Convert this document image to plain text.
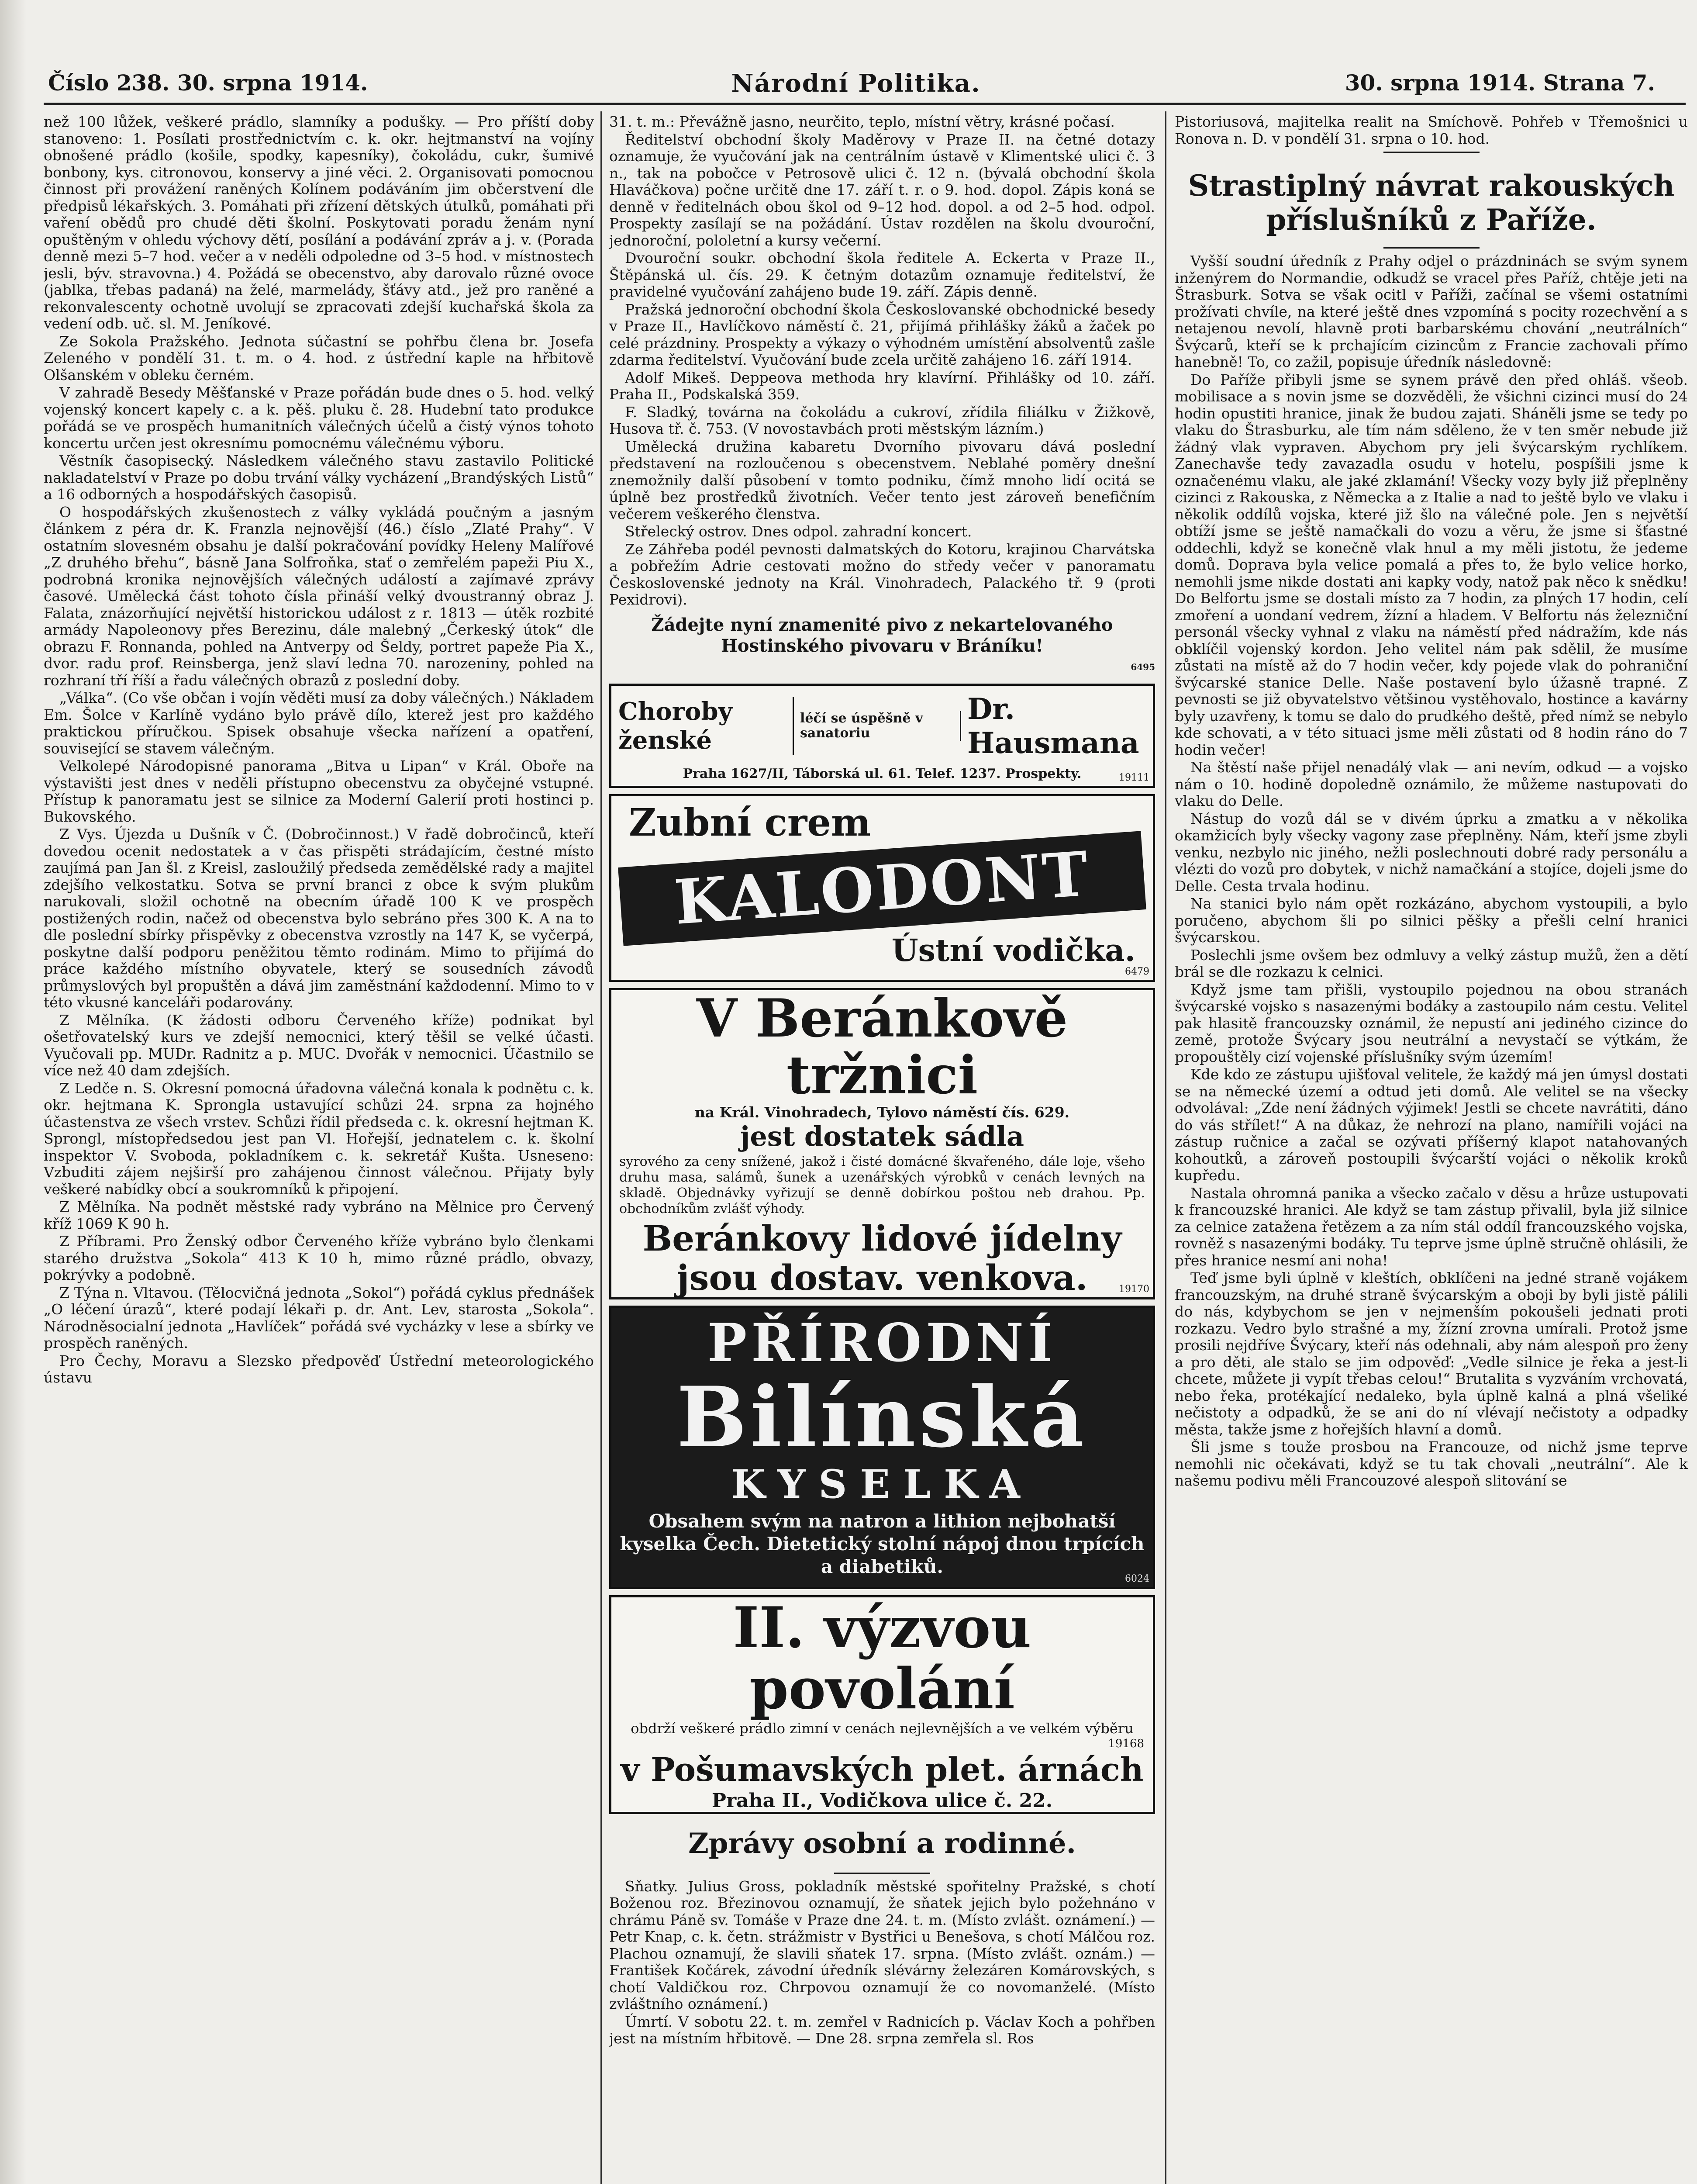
Číslo 238. 30. srpna 1914.	Národní Politika.	30. srpna 1914. Strana 7.

než 100 lůžek, veškeré prádlo, slamníky a podušky. — Pro příští doby stanoveno: 1. Posílati prostřednictvím c. k. okr. hejtmanství na vojíny obnošené prádlo (košile, spodky, kapesníky), čokoládu, cukr, šumivé bonbony, kys. citronovou, konservy a jiné věci. 2. Organisovati pomocnou činnost při provážení raněných Kolínem podáváním jim občerstvení dle předpisů lékařských. 3. Pomáhati při zřízení dětských útulků, pomáhati při vaření obědů pro chudé děti školní. Poskytovati poradu ženám nyní opuštěným v ohledu výchovy dětí, posílání a podávání zpráv a j. v. (Porada denně mezi 5–7 hod. večer a v neděli odpoledne od 3–5 hod. v místnostech jesli, býv. stravovna.) 4. Požádá se obecenstvo, aby darovalo různé ovoce (jablka, třebas padaná) na želé, marmelády, šťávy atd., jež pro raněné a rekonvalescenty ochotně uvolují se zpracovati zdejší kuchařská škola za vedení odb. uč. sl. M. Jeníkové.

Ze Sokola Pražského. Jednota súčastní se pohřbu člena br. Josefa Zeleného v pondělí 31. t. m. o 4. hod. z ústřední kaple na hřbitově Olšanském v obleku černém.

V zahradě Besedy Měšťanské v Praze pořádán bude dnes o 5. hod. velký vojenský koncert kapely c. a k. pěš. pluku č. 28. Hudební tato produkce pořádá se ve prospěch humanitních válečných účelů a čistý výnos tohoto koncertu určen jest okresnímu pomocnému válečnému výboru.

Věstník časopisecký. Následkem válečného stavu zastavilo Politické nakladatelství v Praze po dobu trvání války vycházení „Brandýských Listů“ a 16 odborných a hospodářských časopisů.

O hospodářských zkušenostech z války vykládá poučným a jasným článkem z péra dr. K. Franzla nejnovější (46.) číslo „Zlaté Prahy“. V ostatním slovesném obsahu je další pokračování povídky Heleny Malířové „Z druhého břehu“, básně Jana Solfroňka, stať o zemřelém papeži Piu X., podrobná kronika nejnovějších válečných událostí a zajímavé zprávy časové. Umělecká část tohoto čísla přináší velký dvoustranný obraz J. Falata, znázorňující největší historickou událost z r. 1813 — útěk rozbité armády Napoleonovy přes Berezinu, dále malebný „Čerkeský útok“ dle obrazu F. Ronnanda, pohled na Antverpy od Šeldy, portret papeže Pia X., dvor. radu prof. Reinsberga, jenž slaví ledna 70. narozeniny, pohled na rozhraní tří říší a řadu válečných obrazů z poslední doby.

„Válka“. (Co vše občan i vojín věděti musí za doby válečných.) Nákladem Em. Šolce v Karlíně vydáno bylo právě dílo, kterež jest pro každého praktickou příručkou. Spisek obsahuje všecka nařízení a opatření, související se stavem válečným.

Velkolepé Národopisné panorama „Bitva u Lipan“ v Král. Oboře na výstavišti jest dnes v neděli přístupno obecenstvu za obyčejné vstupné. Přístup k panoramatu jest se silnice za Moderní Galerií proti hostinci p. Bukovského.

Z Vys. Újezda u Dušník v Č. (Dobročinnost.) V řadě dobročinců, kteří dovedou ocenit nedostatek a v čas přispěti strádajícím, čestné místo zaujímá pan Jan šl. z Kreisl, zasloužilý předseda zemědělské rady a majitel zdejšího velkostatku. Sotva se první branci z obce k svým plukům narukovali, složil ochotně na obecním úřadě 100 K ve prospěch postižených rodin, načež od obecenstva bylo sebráno přes 300 K. A na to dle poslední sbírky přispěvky z obecenstva vzrostly na 147 K, se vyčerpá, poskytne další podporu peněžitou těmto rodinám. Mimo to přijímá do práce každého místního obyvatele, který se sousedních závodů průmyslových byl propuštěn a dává jim zaměstnání každodenní. Mimo to v této vkusné kanceláři podarovány.

Z Mělníka. (K žádosti odboru Červeného kříže) podnikat byl ošetřovatelský kurs ve zdejší nemocnici, který těšil se velké účasti. Vyučovali pp. MUDr. Radnitz a p. MUC. Dvořák v nemocnici. Účastnilo se více než 40 dam zdejších.

Z Ledče n. S. Okresní pomocná úřadovna válečná konala k podnětu c. k. okr. hejtmana K. Sprongla ustavující schůzi 24. srpna za hojného účastenstva ze všech vrstev. Schůzi řídil předseda c. k. okresní hejtman K. Sprongl, místopředsedou jest pan Vl. Hořejší, jednatelem c. k. školní inspektor V. Svoboda, pokladníkem c. k. sekretář Kušta. Usneseno: Vzbuditi zájem nejširší pro zahájenou činnost válečnou. Přijaty byly veškeré nabídky obcí a soukromníků k připojení.

Z Mělníka. Na podnět městské rady vybráno na Mělnice pro Červený kříž 1069 K 90 h.

Z Příbrami. Pro Ženský odbor Červeného kříže vybráno bylo členkami starého družstva „Sokola“ 413 K 10 h, mimo různé prádlo, obvazy, pokrývky a podobně.

Z Týna n. Vltavou. (Tělocvičná jednota „Sokol“) pořádá cyklus přednášek „O léčení úrazů“, které podají lékaři p. dr. Ant. Lev, starosta „Sokola“. Národněsocialní jednota „Havlíček“ pořádá své vycházky v lese a sbírky ve prospěch raněných.

Pro Čechy, Moravu a Slezsko předpověď Ústřední meteorologického ústavu

31. t. m.: Převážně jasno, neurčito, teplo, místní větry, krásné počasí.

Ředitelství obchodní školy Maděrovy v Praze II. na četné dotazy oznamuje, že vyučování jak na centrálním ústavě v Klimentské ulici č. 3 n., tak na pobočce v Petrosově ulici č. 12 n. (bývalá obchodní škola Hlaváčkova) počne určitě dne 17. září t. r. o 9. hod. dopol. Zápis koná se denně v ředitelnách obou škol od 9–12 hod. dopol. a od 2–5 hod. odpol. Prospekty zasílají se na požádání. Ústav rozdělen na školu dvouroční, jednoroční, pololetní a kursy večerní.

Dvouroční soukr. obchodní škola ředitele A. Eckerta v Praze II., Štěpánská ul. čís. 29. K četným dotazům oznamuje ředitelství, že pravidelné vyučování zahájeno bude 19. září. Zápis denně.

Pražská jednoroční obchodní škola Českoslovanské obchodnické besedy v Praze II., Havlíčkovo náměstí č. 21, přijímá přihlášky žáků a žaček po celé prázdniny. Prospekty a výkazy o výhodném umístění absolventů zašle zdarma ředitelství. Vyučování bude zcela určitě zahájeno 16. září 1914.

Adolf Mikeš. Deppeova methoda hry klavírní. Přihlášky od 10. září. Praha II., Podskalská 359.

F. Sladký, továrna na čokoládu a cukroví, zřídila filiálku v Žižkově, Husova tř. č. 753. (V novostavbách proti městským lázním.)

Umělecká družina kabaretu Dvorního pivovaru dává poslední představení na rozloučenou s obecenstvem. Neblahé poměry dnešní znemožnily další působení v tomto podniku, čímž mnoho lidí ocitá se úplně bez prostředků životních. Večer tento jest zároveň benefičním večerem veškerého členstva.

Střelecký ostrov. Dnes odpol. zahradní koncert.

Ze Záhřeba podél pevnosti dalmatských do Kotoru, krajinou Charvátska a pobřežím Adrie cestovati možno do středy večer v panoramatu Československé jednoty na Král. Vinohradech, Palackého tř. 9 (proti Pexidrovi).

Žádejte nyní znamenité pivo z nekartelovaného Hostinského pivovaru v Bráníku!
6495
Choroby ženské
léčí se úspěšně v sanatoriu
Dr. Hausmana
Praha 1627/II, Táborská ul. 61. Telef. 1237. Prospekty.	19111
Zubní crem
KALODONT
Ústní vodička.
6479
V Beránkově tržnici
na Král. Vinohradech, Tylovo náměstí čís. 629.
jest dostatek sádla
syrového za ceny snížené, jakož i čisté domácné škvařeného, dále loje, všeho druhu masa, salámů, šunek a uzenářských výrobků v cenách levných na skladě. Objednávky vyřizují se denně dobírkou poštou neb drahou. Pp. obchodníkům zvlášť výhody.
Beránkovy lidové jídelny jsou dostav. venkova.	19170
PŘÍRODNÍ
Bilínská
KYSELKA
Obsahem svým na natron a lithion nejbohatší kyselka Čech. Dietetický stolní nápoj dnou trpících a diabetiků.
6024
II. výzvou povolání
obdrží veškeré prádlo zimní v cenách nejlevnějších a ve velkém výběru
19168
v Pošumavských plet. árnách
Praha II., Vodičkova ulice č. 22.
Zprávy osobní a rodinné.

Sňatky. Julius Gross, pokladník městské spořitelny Pražské, s chotí Boženou roz. Březinovou oznamují, že sňatek jejich bylo požehnáno v chrámu Páně sv. Tomáše v Praze dne 24. t. m. (Místo zvlášt. oznámení.) — Petr Knap, c. k. četn. strážmistr v Bystřici u Benešova, s chotí Málčou roz. Plachou oznamují, že slavili sňatek 17. srpna. (Místo zvlášt. oznám.) — František Kočárek, závodní úředník slévárny železáren Komárovských, s chotí Valdičkou roz. Chrpovou oznamují že co novomanželé. (Místo zvláštního oznámení.)

Úmrtí. V sobotu 22. t. m. zemřel v Radnicích p. Václav Koch a pohřben jest na místním hřbitově. — Dne 28. srpna zemřela sl. Ros

Pistoriusová, majitelka realit na Smíchově. Pohřeb v Třemošnici u Ronova n. D. v pondělí 31. srpna o 10. hod.

Strastiplný návrat rakouských příslušníků z Paříže.

Vyšší soudní úředník z Prahy odjel o prázdninách se svým synem inženýrem do Normandie, odkudž se vracel přes Paříž, chtěje jeti na Štrasburk. Sotva se však ocitl v Paříži, začínal se všemi ostatními prožívati chvíle, na které ještě dnes vzpomíná s pocity rozechvění a s netajenou nevolí, hlavně proti barbarskému chování „neutrálních“ Švýcarů, kteří se k prchajícím cizincům z Francie zachovali přímo hanebně! To, co zažil, popisuje úředník následovně:

Do Paříže přibyli jsme se synem právě den před ohláš. všeob. mobilisace a s novin jsme se dozvěděli, že všichni cizinci musí do 24 hodin opustiti hranice, jinak že budou zajati. Sháněli jsme se tedy po vlaku do Štrasburku, ale tím nám sděleno, že v ten směr nebude již žádný vlak vypraven. Abychom pry jeli švýcarským rychlíkem. Zanechavše tedy zavazadla osudu v hotelu, pospíšili jsme k označenému vlaku, ale jaké zklamání! Všecky vozy byly již přeplněny cizinci z Rakouska, z Německa a z Italie a nad to ještě bylo ve vlaku i několik oddílů vojska, které již šlo na válečné pole. Jen s největší obtíží jsme se ještě namačkali do vozu a věru, že jsme si šťastné oddechli, když se konečně vlak hnul a my měli jistotu, že jedeme domů. Doprava byla velice pomalá a přes to, že bylo velice horko, nemohli jsme nikde dostati ani kapky vody, natož pak něco k snědku! Do Belfortu jsme se dostali místo za 7 hodin, za plných 17 hodin, celí zmoření a uondaní vedrem, žízní a hladem. V Belfortu nás železniční personál všecky vyhnal z vlaku na náměstí před nádražím, kde nás obklíčil vojenský kordon. Jeho velitel nám pak sdělil, že musíme zůstati na místě až do 7 hodin večer, kdy pojede vlak do pohraniční švýcarské stanice Delle. Naše postavení bylo úžasně trapné. Z pevnosti se již obyvatelstvo většinou vystěhovalo, hostince a kavárny byly uzavřeny, k tomu se dalo do prudkého deště, před nímž se nebylo kde schovati, a v této situaci jsme měli zůstati od 8 hodin ráno do 7 hodin večer!

Na štěstí naše přijel nenadálý vlak — ani nevím, odkud — a vojsko nám o 10. hodině dopoledně oznámilo, že můžeme nastupovati do vlaku do Delle.

Nástup do vozů dál se v divém úprku a zmatku a v několika okamžicích byly všecky vagony zase přeplněny. Nám, kteří jsme zbyli venku, nezbylo nic jiného, nežli poslechnouti dobré rady personálu a vlézti do vozů pro dobytek, v nichž namačkání a stojíce, dojeli jsme do Delle. Cesta trvala hodinu.

Na stanici bylo nám opět rozkázáno, abychom vystoupili, a bylo poručeno, abychom šli po silnici pěšky a přešli celní hranici švýcarskou.

Poslechli jsme ovšem bez odmluvy a velký zástup mužů, žen a dětí brál se dle rozkazu k celnici.

Když jsme tam přišli, vystoupilo pojednou na obou stranách švýcarské vojsko s nasazenými bodáky a zastoupilo nám cestu. Velitel pak hlasitě francouzsky oznámil, že nepustí ani jediného cizince do země, protože Švýcary jsou neutrální a nevystačí se výtkám, že propouštěly cizí vojenské příslušníky svým územím!

Kde kdo ze zástupu ujišťoval velitele, že každý má jen úmysl dostati se na německé území a odtud jeti domů. Ale velitel se na všecky odvolával: „Zde není žádných výjimek! Jestli se chcete navrátiti, dáno do vás střílet!“ A na důkaz, že nehrozí na plano, namířili vojáci na zástup ručnice a začal se ozývati příšerný klapot natahovaných kohoutků, a zároveň postoupili švýcarští vojáci o několik kroků kupředu.

Nastala ohromná panika a všecko začalo v děsu a hrůze ustupovati k francouzské hranici. Ale když se tam zástup přivalil, byla již silnice za celnice zatažena řetězem a za ním stál oddíl francouzského vojska, rovněž s nasazenými bodáky. Tu teprve jsme úplně stručně ohlásili, že přes hranice nesmí ani noha!

Teď jsme byli úplně v kleštích, obklíčeni na jedné straně vojákem francouzským, na druhé straně švýcarským a oboji by byli jistě pálili do nás, kdybychom se jen v nejmenším pokoušeli jednati proti rozkazu. Vedro bylo strašné a my, žízní zrovna umírali. Protož jsme prosili nejdříve Švýcary, kteří nás odehnali, aby nám alespoň pro ženy a pro děti, ale stalo se jim odpověď: „Vedle silnice je řeka a jest-li chcete, můžete ji vypít třebas celou!“ Brutalita s vyzváním vrchovatá, nebo řeka, protékající nedaleko, byla úplně kalná a plná všeliké nečistoty a odpadků, že se ani do ní vlévají nečistoty a odpadky města, takže jsme z hořejších hlavní a domů.

Šli jsme s touže prosbou na Francouze, od nichž jsme teprve nemohli nic očekávati, když se tu tak chovali „neutrální“. Ale k našemu podivu měli Francouzové alespoň slitování se
